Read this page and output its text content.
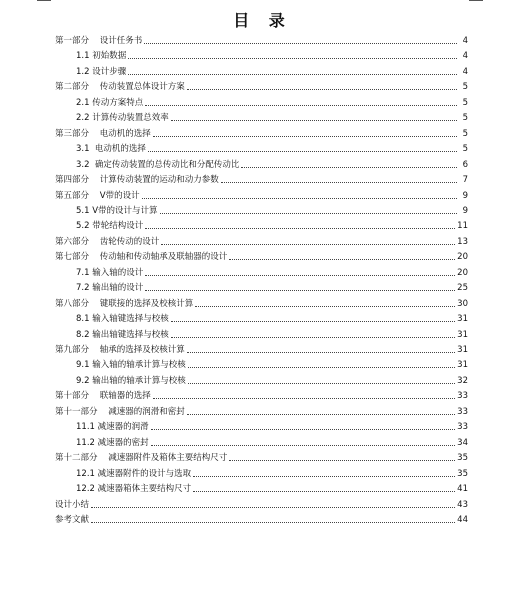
目 录
第一部分    设计任务书	4
1.1 初始数据	4
1.2 设计步骤	4
第二部分    传动装置总体设计方案	5
2.1 传动方案特点	5
2.2 计算传动装置总效率	5
第三部分    电动机的选择	5
3.1  电动机的选择	5
3.2  确定传动装置的总传动比和分配传动比	6
第四部分    计算传动装置的运动和动力参数	7
第五部分    V带的设计	9
5.1 V带的设计与计算	9
5.2 带轮结构设计	11
第六部分    齿轮传动的设计	13
第七部分    传动轴和传动轴承及联轴器的设计	20
7.1 输入轴的设计	20
7.2 输出轴的设计	25
第八部分    键联接的选择及校核计算	30
8.1 输入轴键选择与校核	31
8.2 输出轴键选择与校核	31
第九部分    轴承的选择及校核计算	31
9.1 输入轴的轴承计算与校核	31
9.2 输出轴的轴承计算与校核	32
第十部分    联轴器的选择	33
第十一部分    减速器的润滑和密封	33
11.1 减速器的润滑	33
11.2 减速器的密封	34
第十二部分    减速器附件及箱体主要结构尺寸	35
12.1 减速器附件的设计与选取	35
12.2 减速器箱体主要结构尺寸	41
设计小结	43
参考文献	44
